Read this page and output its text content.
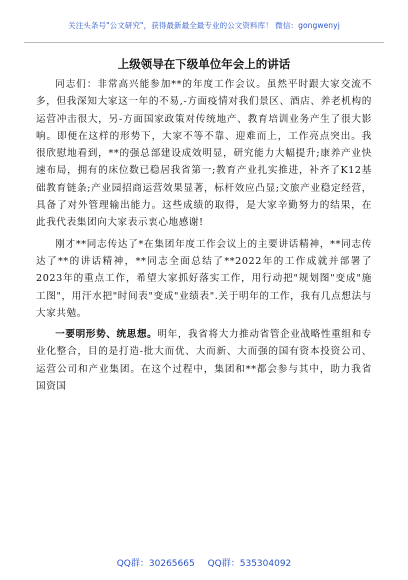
关注头条号"公文研究"，获得最新最全最专业的公文资料库！ 微信：gongwenyj
上级领导在下级单位年会上的讲话

同志们：非常高兴能参加**的年度工作会议。虽然平时跟大家交流不多，但我深知大家这一年的不易,-方面疫情对我们景区、酒店、养老机构的运营冲击很大，另-方面国家政策对传统地产、教育培训业务产生了很大影响。即便在这样的形势下，大家不等不靠、迎难而上，工作亮点突出。我很欣慰地看到，**的强总部建设成效明显，研究能力大幅提升;康养产业快速布局，拥有的床位数已稳居我省第一;教育产业扎实推进，补齐了K12基础教育链条;产业园招商运营效果显著，标杆效应凸显;文旅产业稳定经营，具备了对外管理输出能力。这些成绩的取得，是大家辛勤努力的结果，在此我代表集团向大家表示衷心地感谢!

刚才**同志传达了*在集团年度工作会议上的主要讲话精神，**同志传达了**的讲话精神，**同志全面总结了**2022年的工作成就并部署了2023年的重点工作，希望大家抓好落实工作，用行动把"规划图"变成"施工图"，用汗水把"时间表"变成"业绩表".关于明年的工作，我有几点想法与大家共勉。

一要明形势、统思想。明年，我省将大力推动省管企业战略性重组和专业化整合，目的是打造-批大而优、大而新、大而强的国有资本投资公司、运营公司和产业集团。在这个过程中，集团和**都会参与其中，助力我省国资国

QQ群：30265665 QQ群：535304092
